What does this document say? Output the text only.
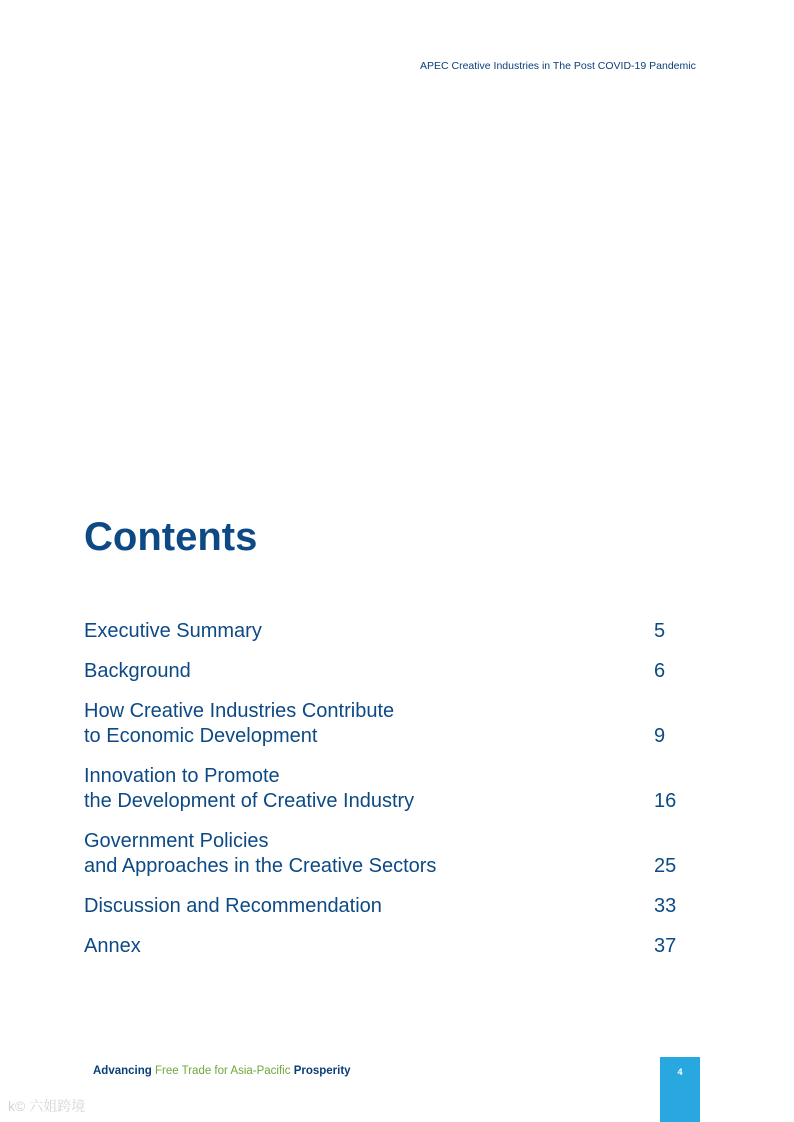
APEC Creative Industries in The Post COVID-19 Pandemic
Contents
Executive Summary	5
Background	6
How Creative Industries Contribute
to Economic Development	9
Innovation to Promote
the Development of Creative Industry	16
Government Policies
and Approaches in the Creative Sectors	25
Discussion and Recommendation	33
Annex	37
Advancing Free Trade for Asia-Pacific Prosperity	4
k© 六姐跨境
